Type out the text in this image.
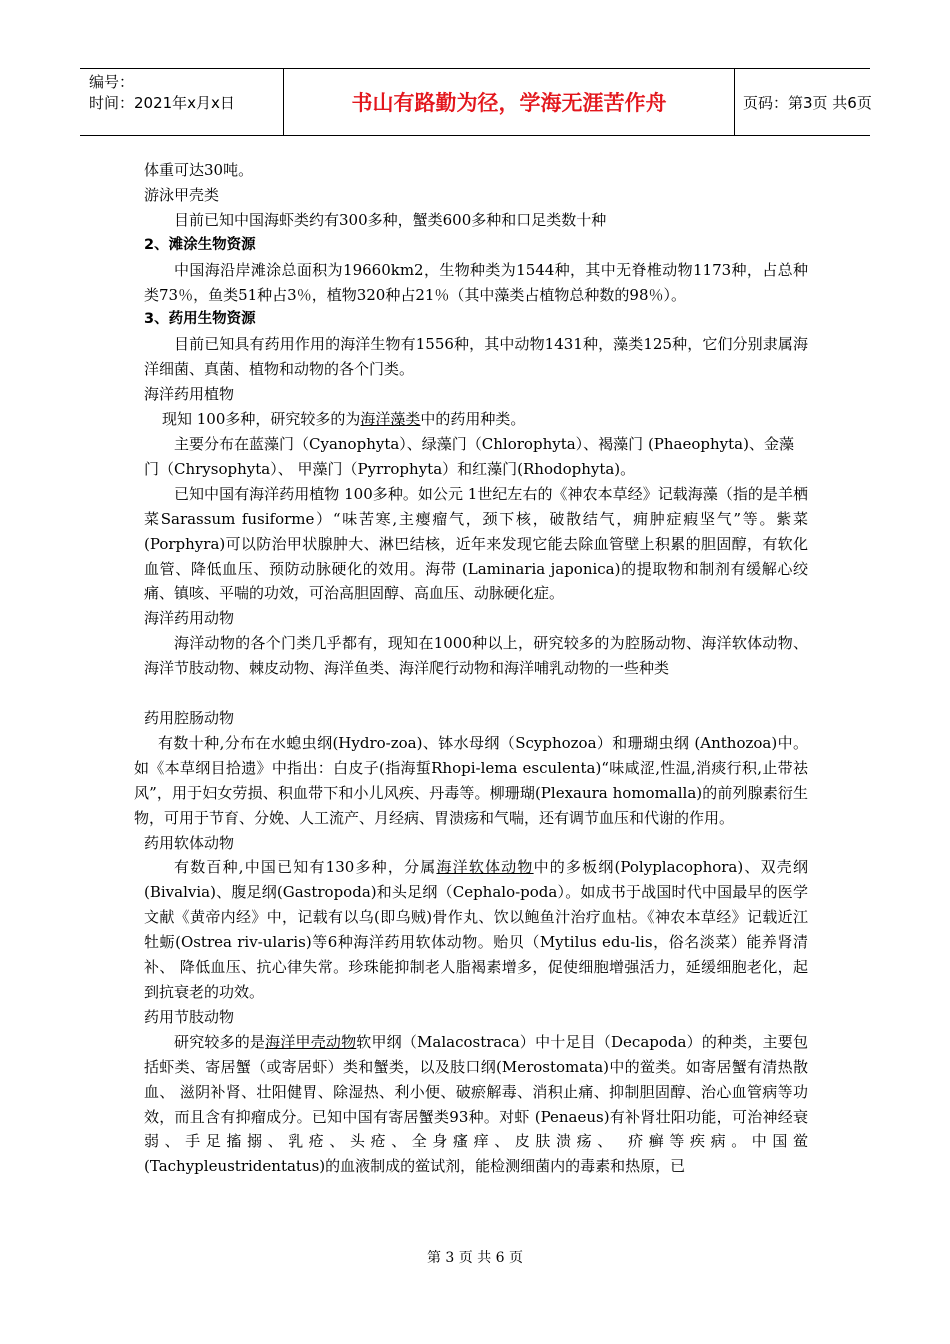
编号：
时间：2021年x月x日	书山有路勤为径，学海无涯苦作舟	页码：第3页 共6页

体重可达30吨。

游泳甲壳类

目前已知中国海虾类约有300多种，蟹类600多种和口足类数十种

2、滩涂生物资源

中国海沿岸滩涂总面积为19660km2，生物种类为1544种，其中无脊椎动物1173种，占总种类73％，鱼类51种占3％，植物320种占21％（其中藻类占植物总种数的98％）。

3、药用生物资源

目前已知具有药用作用的海洋生物有1556种，其中动物1431种，藻类125种，它们分别隶属海洋细菌、真菌、植物和动物的各个门类。

海洋药用植物

现知 100多种，研究较多的为海洋藻类中的药用种类。

主要分布在蓝藻门（Cyanophyta）、绿藻门（Chlorophyta）、褐藻门 (Phaeophyta)、金藻门（Chrysophyta）、 甲藻门（Pyrrophyta）和红藻门(Rhodophyta)。

已知中国有海洋药用植物 100多种。如公元 1世纪左右的《神农本草经》记载海藻（指的是羊栖菜Sarassum fusiforme）“味苦寒,主瘿瘤气，颈下核，破散结气，痈肿症瘕坚气”等。紫菜(Porphyra)可以防治甲状腺肿大、淋巴结核，近年来发现它能去除血管壁上积累的胆固醇，有软化血管、降低血压、预防动脉硬化的效用。海带 (Laminaria japonica)的提取物和制剂有缓解心绞痛、镇咳、平喘的功效，可治高胆固醇、高血压、动脉硬化症。

海洋药用动物

海洋动物的各个门类几乎都有，现知在1000种以上，研究较多的为腔肠动物、海洋软体动物、海洋节肢动物、棘皮动物、海洋鱼类、海洋爬行动物和海洋哺乳动物的一些种类

药用腔肠动物

有数十种,分布在水螅虫纲(Hydro-zoa)、钵水母纲（Scyphozoa）和珊瑚虫纲 (Anthozoa)中。如《本草纲目拾遗》中指出：白皮子(指海蜇Rhopi-lema esculenta)“味咸涩,性温,消痰行积,止带祛风”，用于妇女劳损、积血带下和小儿风疾、丹毒等。柳珊瑚(Plexaura homomalla)的前列腺素衍生物，可用于节育、分娩、人工流产、月经病、胃溃疡和气喘，还有调节血压和代谢的作用。

药用软体动物

有数百种,中国已知有130多种，分属海洋软体动物中的多板纲(Polyplacophora)、双壳纲(Bivalvia)、腹足纲(Gastropoda)和头足纲（Cephalo-poda）。如成书于战国时代中国最早的医学文献《黄帝内经》中，记载有以乌(即乌贼)骨作丸、饮以鲍鱼汁治疗血枯。《神农本草经》记载近江牡蛎(Ostrea riv-ularis)等6种海洋药用软体动物。贻贝（Mytilus edu-lis，俗名淡菜）能养肾清补、 降低血压、抗心律失常。珍珠能抑制老人脂褐素增多，促使细胞增强活力，延缓细胞老化，起到抗衰老的功效。

药用节肢动物

研究较多的是海洋甲壳动物软甲纲（Malacostraca）中十足目（Decapoda）的种类，主要包括虾类、寄居蟹（或寄居虾）类和蟹类，以及肢口纲(Merostomata)中的鲎类。如寄居蟹有清热散血、 滋阴补肾、壮阳健胃、除湿热、利小便、破瘀解毒、消积止痛、抑制胆固醇、治心血管病等功效，而且含有抑瘤成分。已知中国有寄居蟹类93种。对虾 (Penaeus)有补肾壮阳功能，可治神经衰弱、手足搐搦、乳疮、头疮、全身瘙痒、皮肤溃疡、 疥癣等疾病。中国鲎(Tachypleustridentatus)的血液制成的鲎试剂，能检测细菌内的毒素和热原，已

第 3 页 共 6 页
